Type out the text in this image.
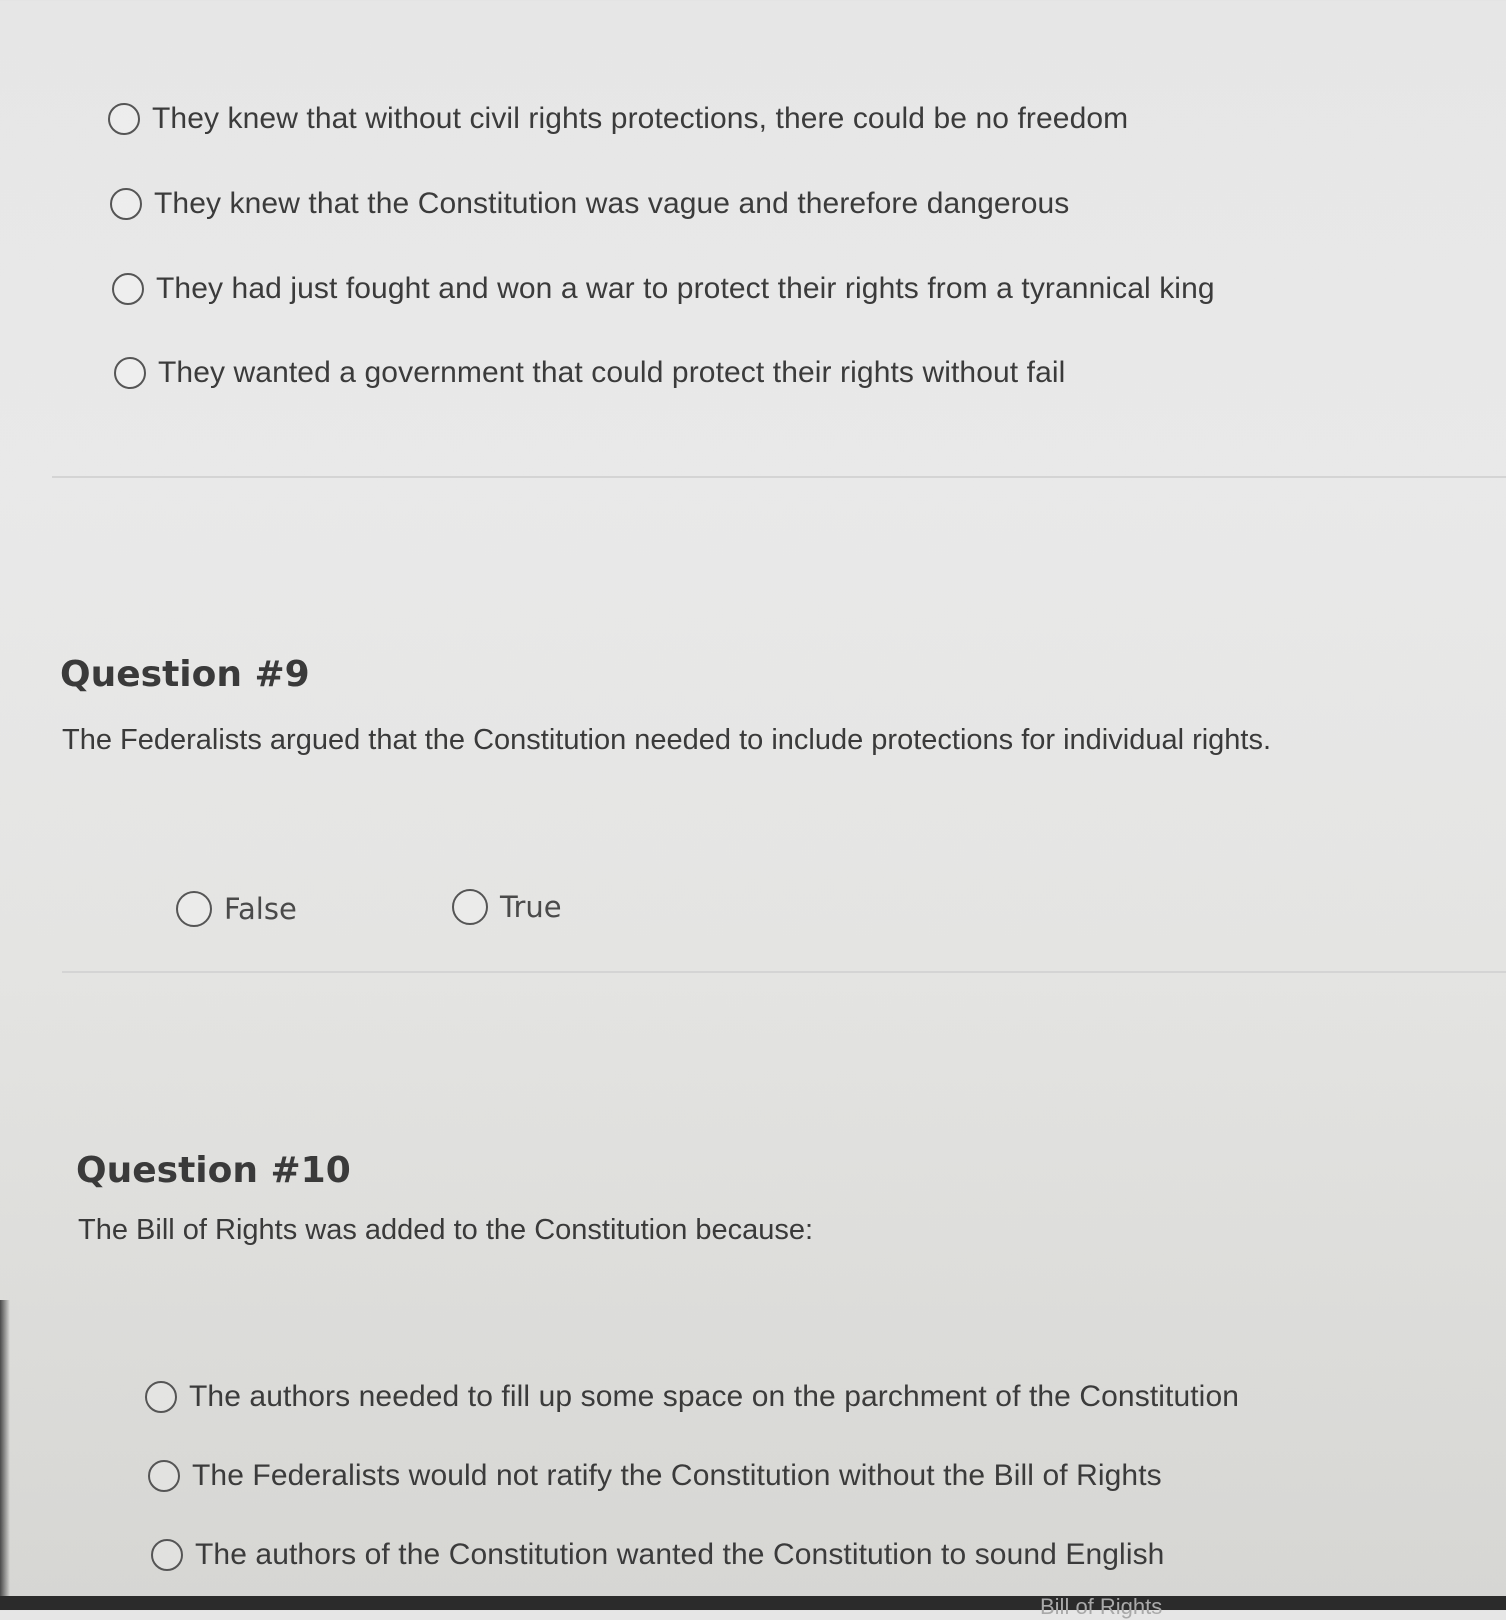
They knew that without civil rights protections, there could be no freedom
They knew that the Constitution was vague and therefore dangerous
They had just fought and won a war to protect their rights from a tyrannical king
They wanted a government that could protect their rights without fail
Question #9

The Federalists argued that the Constitution needed to include protections for individual rights.

False	True
Question #10

The Bill of Rights was added to the Constitution because:

The authors needed to fill up some space on the parchment of the Constitution
The Federalists would not ratify the Constitution without the Bill of Rights
The authors of the Constitution wanted the Constitution to sound English
